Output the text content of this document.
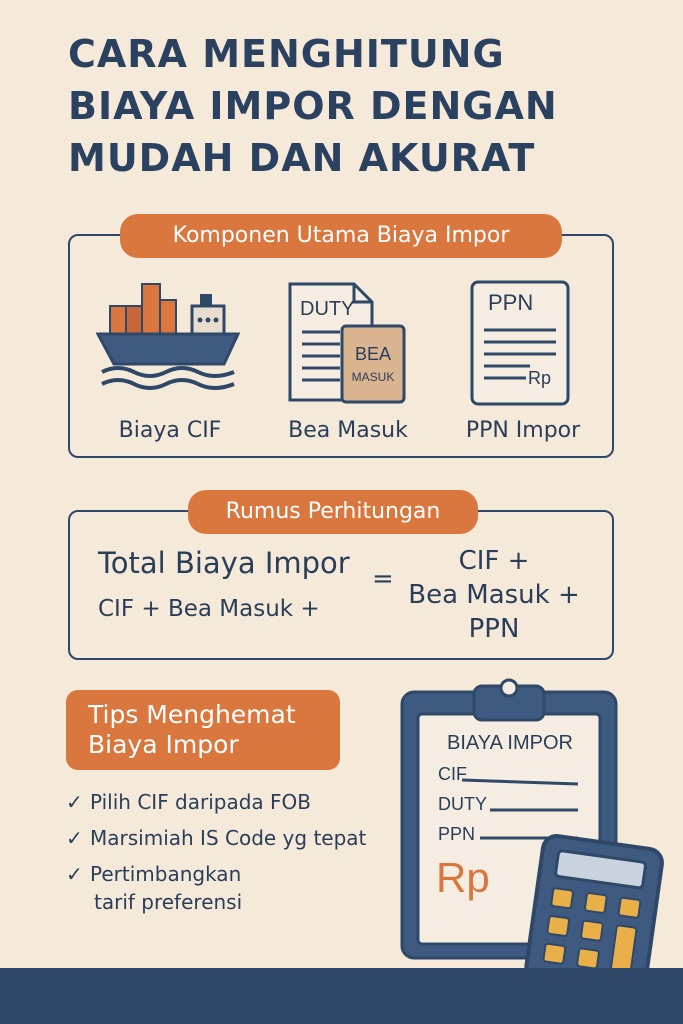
CARA MENGHITUNG
BIAYA IMPOR DENGAN
MUDAH DAN AKURAT
Komponen Utama Biaya Impor
Biaya CIF
DUTY
BEA
MASUK
Bea Masuk
PPN
Rp
PPN Impor
Rumus Perhitungan
Total Biaya Impor
CIF + Bea Masuk +
=
CIF +
Bea Masuk +
PPN
Tips Menghemat
Biaya Impor
✓ Pilih CIF daripada FOB
✓ Marsimiah IS Code yg tepat
✓ Pertimbangkan
tarif preferensi
BIAYA IMPOR
CIF
DUTY
PPN
Rp
